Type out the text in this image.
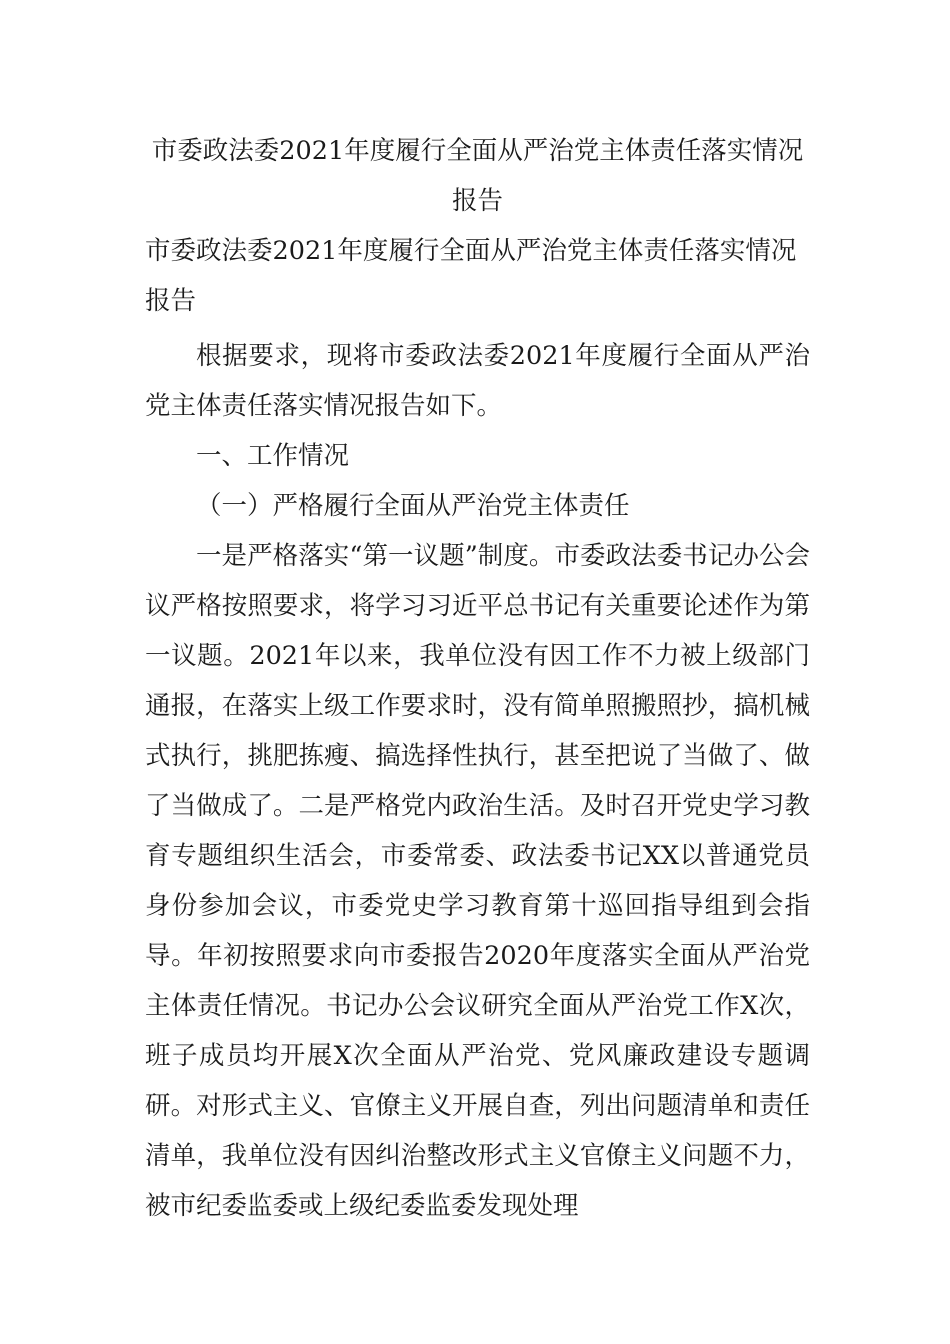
市委政法委2021年度履行全面从严治党主体责任落实情况报告

市委政法委2021年度履行全面从严治党主体责任落实情况报告

根据要求，现将市委政法委2021年度履行全面从严治党主体责任落实情况报告如下。

一、工作情况

（一）严格履行全面从严治党主体责任

一是严格落实“第一议题”制度。市委政法委书记办公会议严格按照要求，将学习习近平总书记有关重要论述作为第一议题。2021年以来，我单位没有因工作不力被上级部门通报，在落实上级工作要求时，没有简单照搬照抄，搞机械式执行，挑肥拣瘦、搞选择性执行，甚至把说了当做了、做了当做成了。二是严格党内政治生活。及时召开党史学习教育专题组织生活会，市委常委、政法委书记XX以普通党员身份参加会议，市委党史学习教育第十巡回指导组到会指导。年初按照要求向市委报告2020年度落实全面从严治党主体责任情况。书记办公会议研究全面从严治党工作X次，班子成员均开展X次全面从严治党、党风廉政建设专题调研。对形式主义、官僚主义开展自查，列出问题清单和责任清单，我单位没有因纠治整改形式主义官僚主义问题不力，被市纪委监委或上级纪委监委发现处理
